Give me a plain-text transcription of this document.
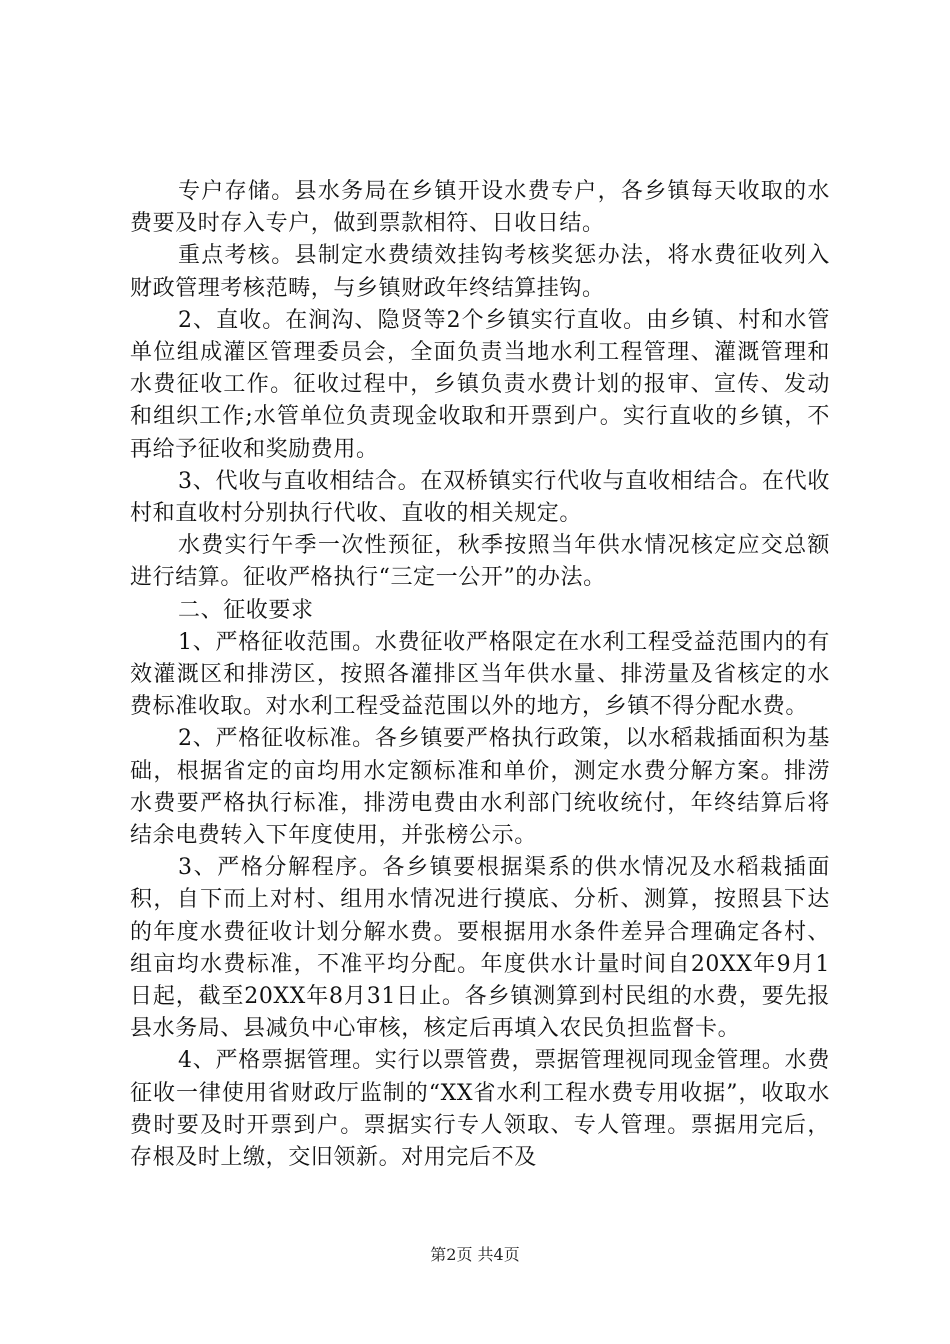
专户存储。县水务局在乡镇开设水费专户，各乡镇每天收取的水费要及时存入专户，做到票款相符、日收日结。

重点考核。县制定水费绩效挂钩考核奖惩办法，将水费征收列入财政管理考核范畴，与乡镇财政年终结算挂钩。

2、直收。在涧沟、隐贤等2个乡镇实行直收。由乡镇、村和水管单位组成灌区管理委员会，全面负责当地水利工程管理、灌溉管理和水费征收工作。征收过程中，乡镇负责水费计划的报审、宣传、发动和组织工作;水管单位负责现金收取和开票到户。实行直收的乡镇，不再给予征收和奖励费用。

3、代收与直收相结合。在双桥镇实行代收与直收相结合。在代收村和直收村分别执行代收、直收的相关规定。

水费实行午季一次性预征，秋季按照当年供水情况核定应交总额进行结算。征收严格执行“三定一公开”的办法。

二、征收要求

1、严格征收范围。水费征收严格限定在水利工程受益范围内的有效灌溉区和排涝区，按照各灌排区当年供水量、排涝量及省核定的水费标准收取。对水利工程受益范围以外的地方，乡镇不得分配水费。

2、严格征收标准。各乡镇要严格执行政策，以水稻栽插面积为基础，根据省定的亩均用水定额标准和单价，测定水费分解方案。排涝水费要严格执行标准，排涝电费由水利部门统收统付，年终结算后将结余电费转入下年度使用，并张榜公示。

3、严格分解程序。各乡镇要根据渠系的供水情况及水稻栽插面积，自下而上对村、组用水情况进行摸底、分析、测算，按照县下达的年度水费征收计划分解水费。要根据用水条件差异合理确定各村、组亩均水费标准，不准平均分配。年度供水计量时间自20XX年9月1日起，截至20XX年8月31日止。各乡镇测算到村民组的水费，要先报县水务局、县减负中心审核，核定后再填入农民负担监督卡。

4、严格票据管理。实行以票管费，票据管理视同现金管理。水费征收一律使用省财政厅监制的“XX省水利工程水费专用收据”，收取水费时要及时开票到户。票据实行专人领取、专人管理。票据用完后，存根及时上缴，交旧领新。对用完后不及

第2页 共4页
